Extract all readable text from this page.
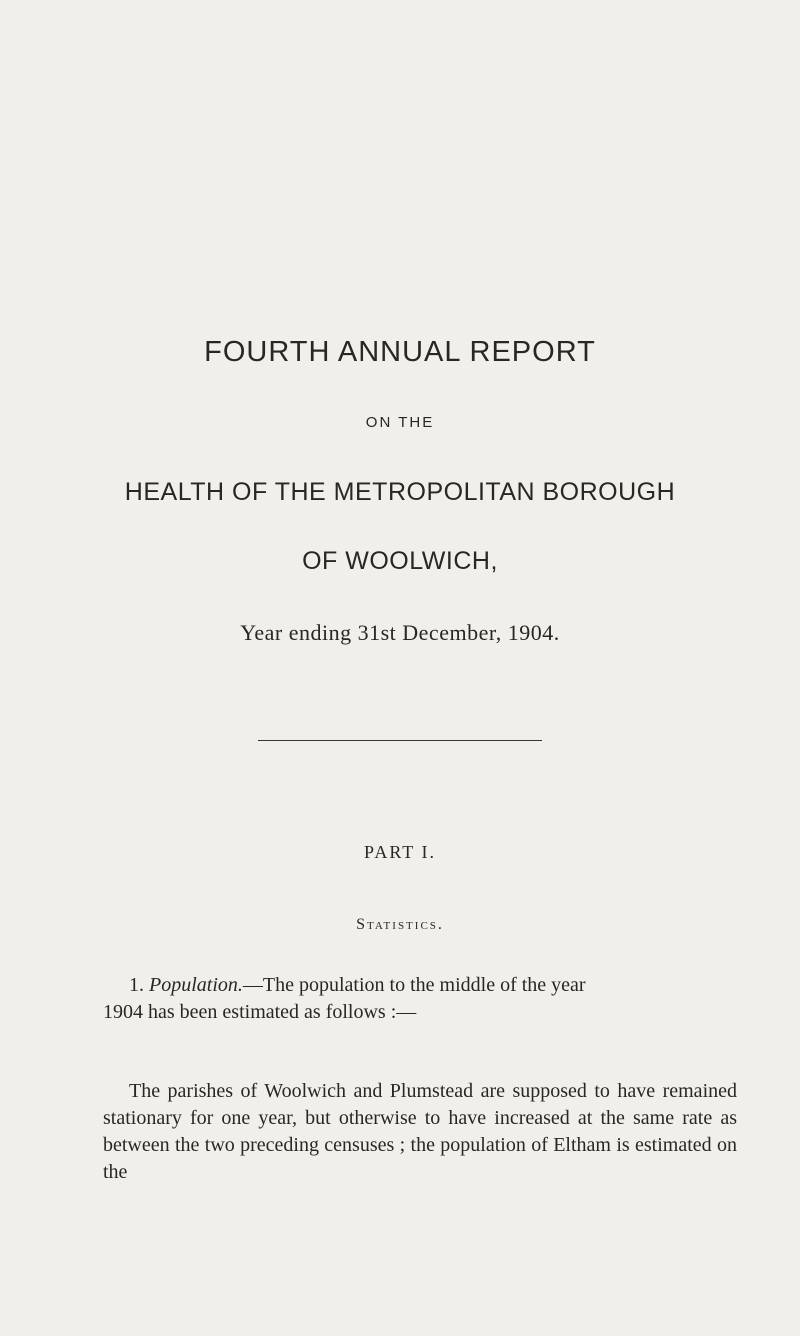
FOURTH ANNUAL REPORT
ON THE
HEALTH OF THE METROPOLITAN BOROUGH
OF WOOLWICH,
Year ending 31st December, 1904.
PART I.
Statistics.
1. Population.—The population to the middle of the year
1904 has been estimated as follows :—
The parishes of Woolwich and Plumstead are supposed to have remained stationary for one year, but otherwise to have increased at the same rate as between the two preceding censuses ; the population of Eltham is estimated on the
